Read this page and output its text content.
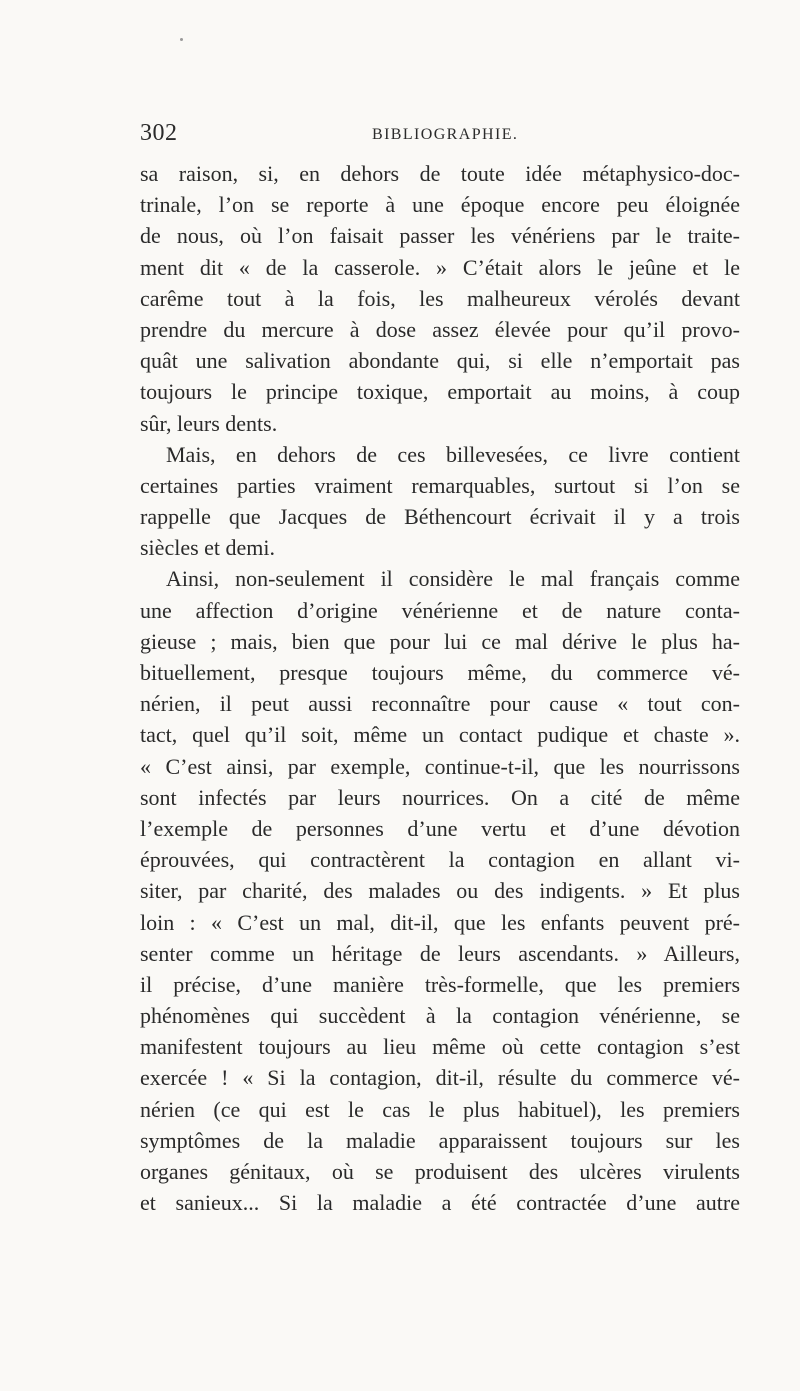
302	BIBLIOGRAPHIE.
sa raison, si, en dehors de toute idée métaphysico-doc-
trinale, l’on se reporte à une époque encore peu éloignée
de nous, où l’on faisait passer les vénériens par le traite-
ment dit « de la casserole. » C’était alors le jeûne et le
carême tout à la fois, les malheureux vérolés devant
prendre du mercure à dose assez élevée pour qu’il provo-
quât une salivation abondante qui, si elle n’emportait pas
toujours le principe toxique, emportait au moins, à coup
sûr, leurs dents.
Mais, en dehors de ces billevesées, ce livre contient
certaines parties vraiment remarquables, surtout si l’on se
rappelle que Jacques de Béthencourt écrivait il y a trois
siècles et demi.
Ainsi, non-seulement il considère le mal français comme
une affection d’origine vénérienne et de nature conta-
gieuse ; mais, bien que pour lui ce mal dérive le plus ha-
bituellement, presque toujours même, du commerce vé-
nérien, il peut aussi reconnaître pour cause « tout con-
tact, quel qu’il soit, même un contact pudique et chaste ».
« C’est ainsi, par exemple, continue-t-il, que les nourrissons
sont infectés par leurs nourrices. On a cité de même
l’exemple de personnes d’une vertu et d’une dévotion
éprouvées, qui contractèrent la contagion en allant vi-
siter, par charité, des malades ou des indigents. » Et plus
loin : « C’est un mal, dit-il, que les enfants peuvent pré-
senter comme un héritage de leurs ascendants. » Ailleurs,
il précise, d’une manière très-formelle, que les premiers
phénomènes qui succèdent à la contagion vénérienne, se
manifestent toujours au lieu même où cette contagion s’est
exercée ! « Si la contagion, dit-il, résulte du commerce vé-
nérien (ce qui est le cas le plus habituel), les premiers
symptômes de la maladie apparaissent toujours sur les
organes génitaux, où se produisent des ulcères virulents
et sanieux... Si la maladie a été contractée d’une autre
